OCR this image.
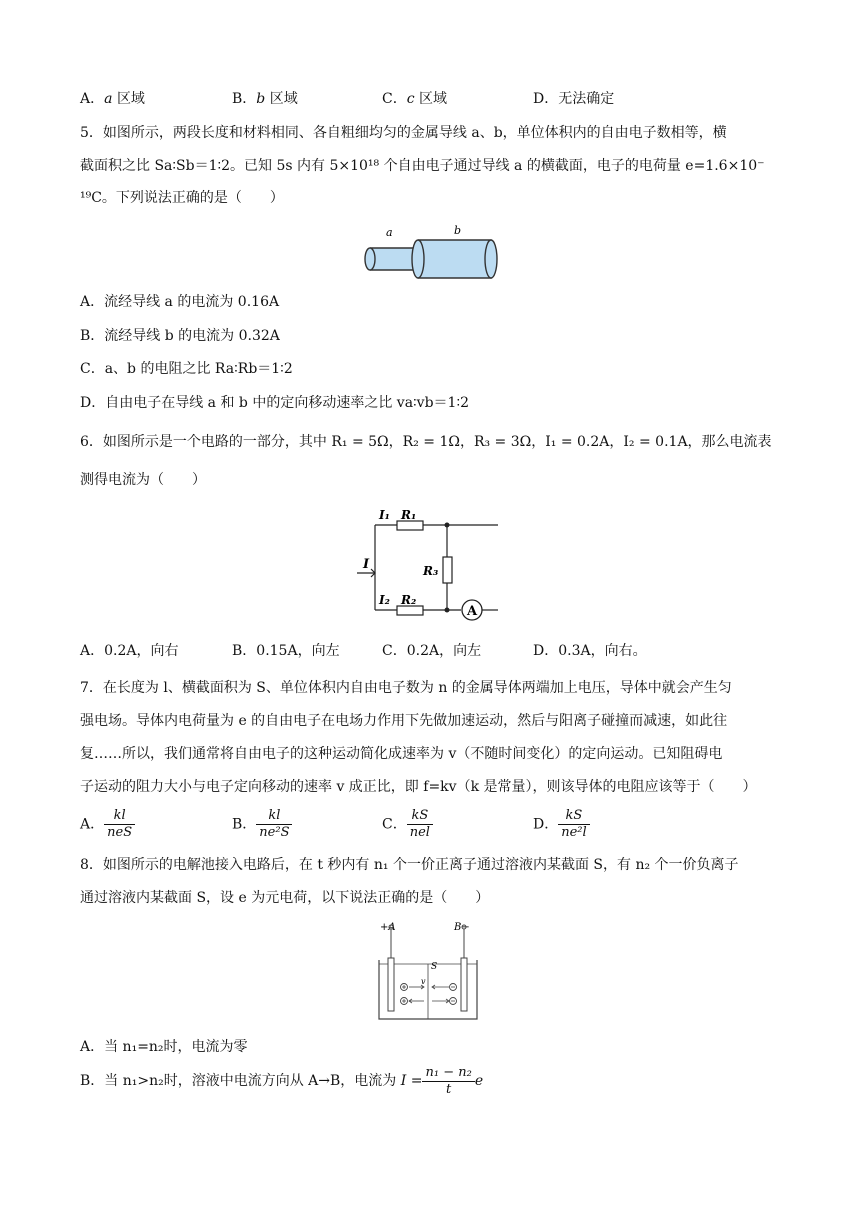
A．a 区域	B．b 区域	C．c 区域	D．无法确定
5．如图所示，两段长度和材料相同、各自粗细均匀的金属导线 a、b，单位体积内的自由电子数相等，横
截面积之比 Sa∶Sb＝1∶2。已知 5s 内有 5×10¹⁸ 个自由电子通过导线 a 的横截面，电子的电荷量 e=1.6×10⁻
¹⁹C。下列说法正确的是（　　）
a	b
A．流经导线 a 的电流为 0.16A
B．流经导线 b 的电流为 0.32A
C．a、b 的电阻之比 Ra∶Rb＝1∶2
D．自由电子在导线 a 和 b 中的定向移动速率之比 va∶vb＝1∶2
6．如图所示是一个电路的一部分，其中 R₁ = 5Ω，R₂ = 1Ω，R₃ = 3Ω，I₁ = 0.2A，I₂ = 0.1A，那么电流表
测得电流为（　　）
I
I₁ R₁
I₂ R₂
R₃
A
A．0.2A，向右	B．0.15A，向左	C．0.2A，向左	D．0.3A，向右。
7．在长度为 l、横截面积为 S、单位体积内自由电子数为 n 的金属导体两端加上电压，导体中就会产生匀
强电场。导体内电荷量为 e 的自由电子在电场力作用下先做加速运动，然后与阳离子碰撞而减速，如此往
复……所以，我们通常将自由电子的这种运动简化成速率为 v（不随时间变化）的定向运动。已知阻碍电
子运动的阻力大小与电子定向移动的速率 v 成正比，即 f=kv（k 是常量），则该导体的电阻应该等于（　　）
A． $\frac{kl}{\text{neS}}$	B． $\frac{kl}{\text{ne²S}}$	C． $\frac{kS}{\text{nel}}$	D． $\frac{kS}{\text{ne²l}}$
8．如图所示的电解池接入电路后，在 t 秒内有 n₁ 个一价正离子通过溶液内某截面 S，有 n₂ 个一价负离子
通过溶液内某截面 S，设 e 为元电荷，以下说法正确的是（　　）
+A	B−
S
v
A．当 n₁=n₂时，电流为零
B．当 n₁>n₂时，溶液中电流方向从 A→B，电流为 $I = \frac{\text{n₁ − n₂}}{t}$ e
